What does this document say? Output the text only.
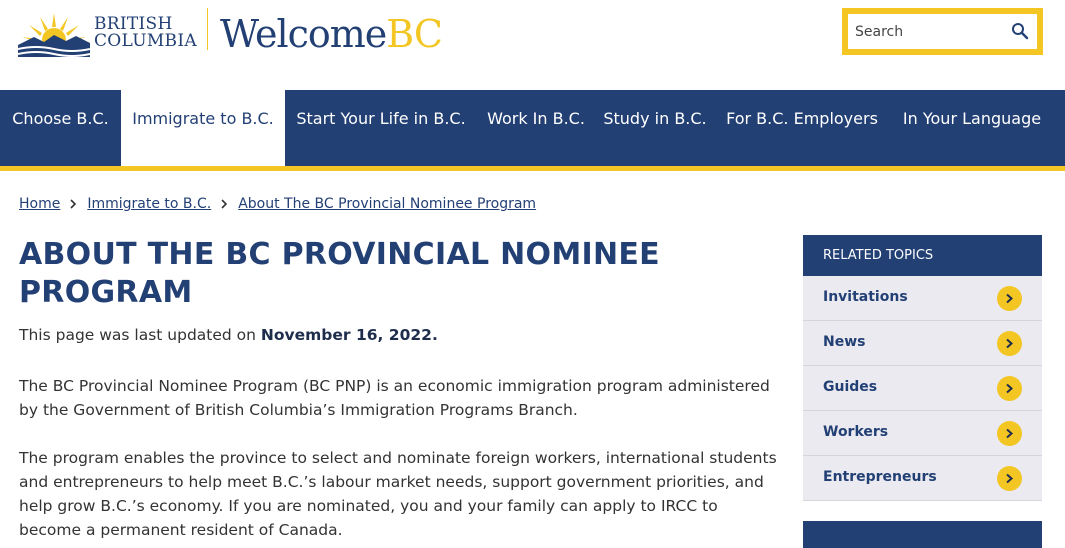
BRITISH
COLUMBIA WelcomeBC
Search
Choose B.C.	Immigrate to B.C.	Start Your Life in B.C.	Work In B.C.	Study in B.C.	For B.C. Employers	In Your Language
Home Immigrate to B.C. About The BC Provincial Nominee Program
ABOUT THE BC PROVINCIAL NOMINEE
PROGRAM

This page was last updated on November 16, 2022.

The BC Provincial Nominee Program (BC PNP) is an economic immigration program administered by the Government of British Columbia’s Immigration Programs Branch.

The program enables the province to select and nominate foreign workers, international students and entrepreneurs to help meet B.C.’s labour market needs, support government priorities, and help grow B.C.’s economy. If you are nominated, you and your family can apply to IRCC to become a permanent resident of Canada.

RELATED TOPICS
Invitations
News
Guides
Workers
Entrepreneurs
